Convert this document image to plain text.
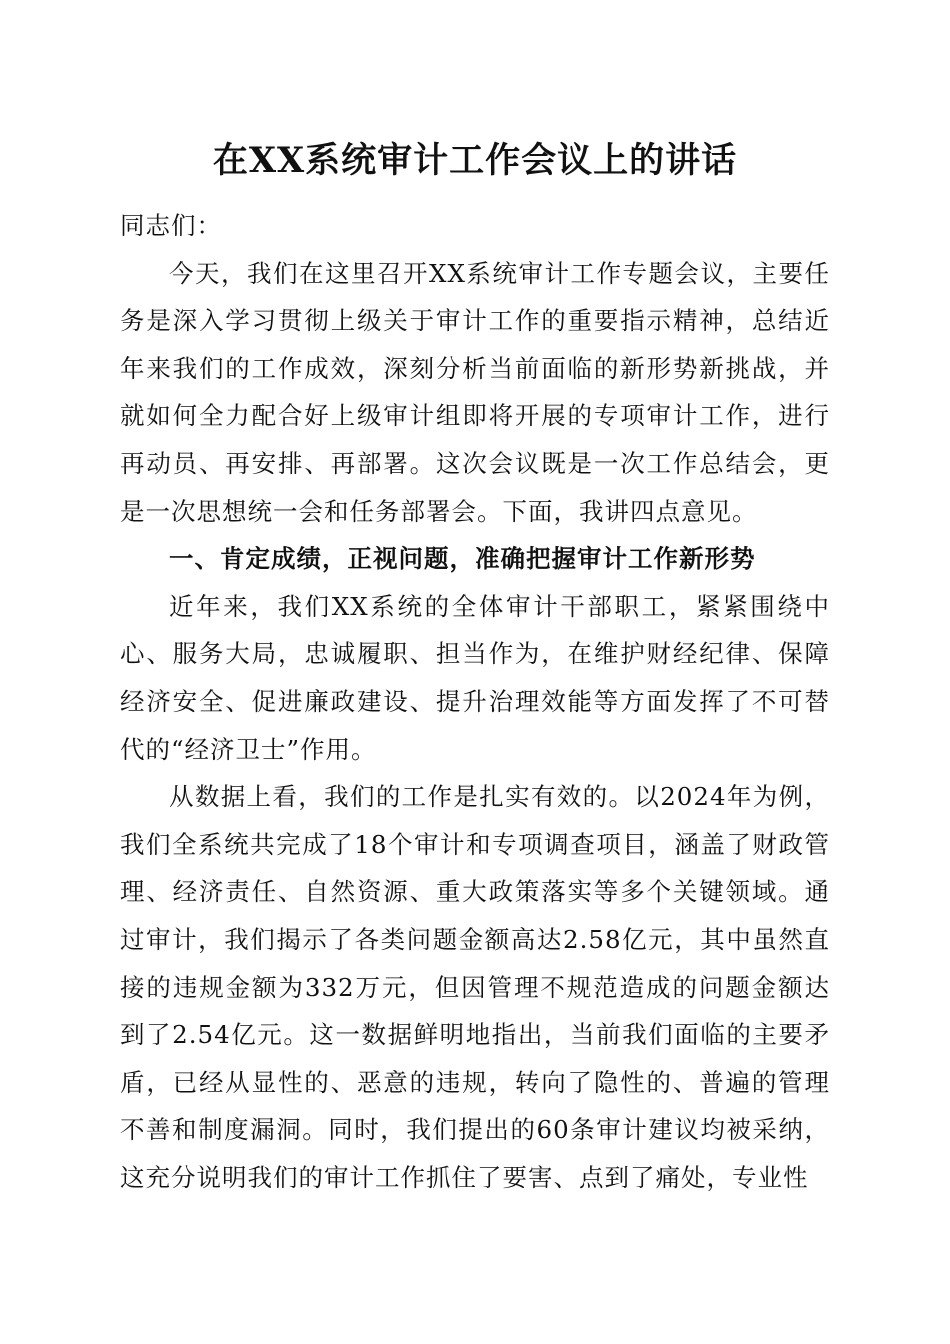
在XX系统审计工作会议上的讲话

同志们：

今天，我们在这里召开XX系统审计工作专题会议，主要任务是深入学习贯彻上级关于审计工作的重要指示精神，总结近年来我们的工作成效，深刻分析当前面临的新形势新挑战，并就如何全力配合好上级审计组即将开展的专项审计工作，进行再动员、再安排、再部署。这次会议既是一次工作总结会，更是一次思想统一会和任务部署会。下面，我讲四点意见。

一、肯定成绩，正视问题，准确把握审计工作新形势

近年来，我们XX系统的全体审计干部职工，紧紧围绕中心、服务大局，忠诚履职、担当作为，在维护财经纪律、保障经济安全、促进廉政建设、提升治理效能等方面发挥了不可替代的“经济卫士”作用。

从数据上看，我们的工作是扎实有效的。以2024年为例，我们全系统共完成了18个审计和专项调查项目，涵盖了财政管理、经济责任、自然资源、重大政策落实等多个关键领域。通过审计，我们揭示了各类问题金额高达2.58亿元，其中虽然直接的违规金额为332万元，但因管理不规范造成的问题金额达到了2.54亿元。这一数据鲜明地指出，当前我们面临的主要矛盾，已经从显性的、恶意的违规，转向了隐性的、普遍的管理不善和制度漏洞。同时，我们提出的60条审计建议均被采纳，这充分说明我们的审计工作抓住了要害、点到了痛处，专业性
